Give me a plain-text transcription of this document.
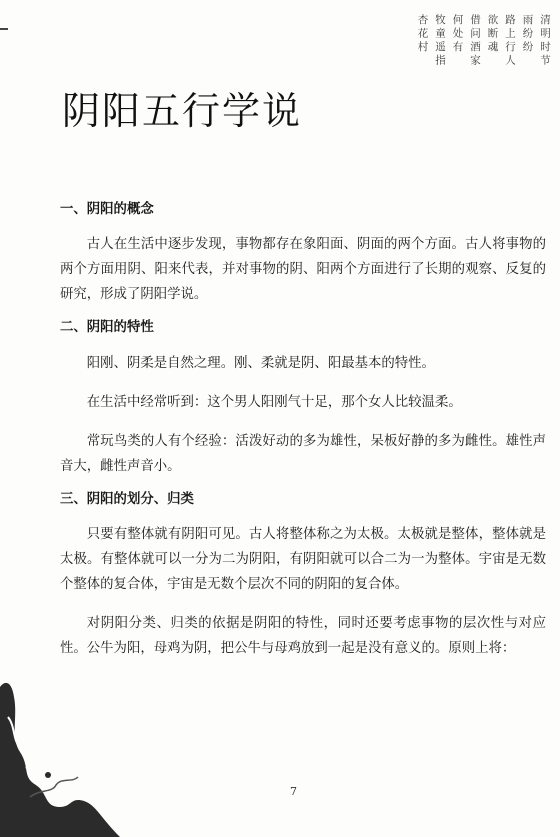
清明时节
雨纷纷
路上行人
欲断魂
借问酒家
何处有
牧童遥指
杏花村
阴阳五行学说

一、阴阳的概念

古人在生活中逐步发现，事物都存在象阳面、阴面的两个方面。古人将事物的两个方面用阴、阳来代表，并对事物的阴、阳两个方面进行了长期的观察、反复的研究，形成了阴阳学说。

二、阴阳的特性

阳刚、阴柔是自然之理。刚、柔就是阴、阳最基本的特性。

在生活中经常听到：这个男人阳刚气十足，那个女人比较温柔。

常玩鸟类的人有个经验：活泼好动的多为雄性，呆板好静的多为雌性。雄性声音大，雌性声音小。

三、阴阳的划分、归类

只要有整体就有阴阳可见。古人将整体称之为太极。太极就是整体，整体就是太极。有整体就可以一分为二为阴阳，有阴阳就可以合二为一为整体。宇宙是无数个整体的复合体，宇宙是无数个层次不同的阴阳的复合体。

对阴阳分类、归类的依据是阴阳的特性，同时还要考虑事物的层次性与对应性。公牛为阳，母鸡为阴，把公牛与母鸡放到一起是没有意义的。原则上将：

7
